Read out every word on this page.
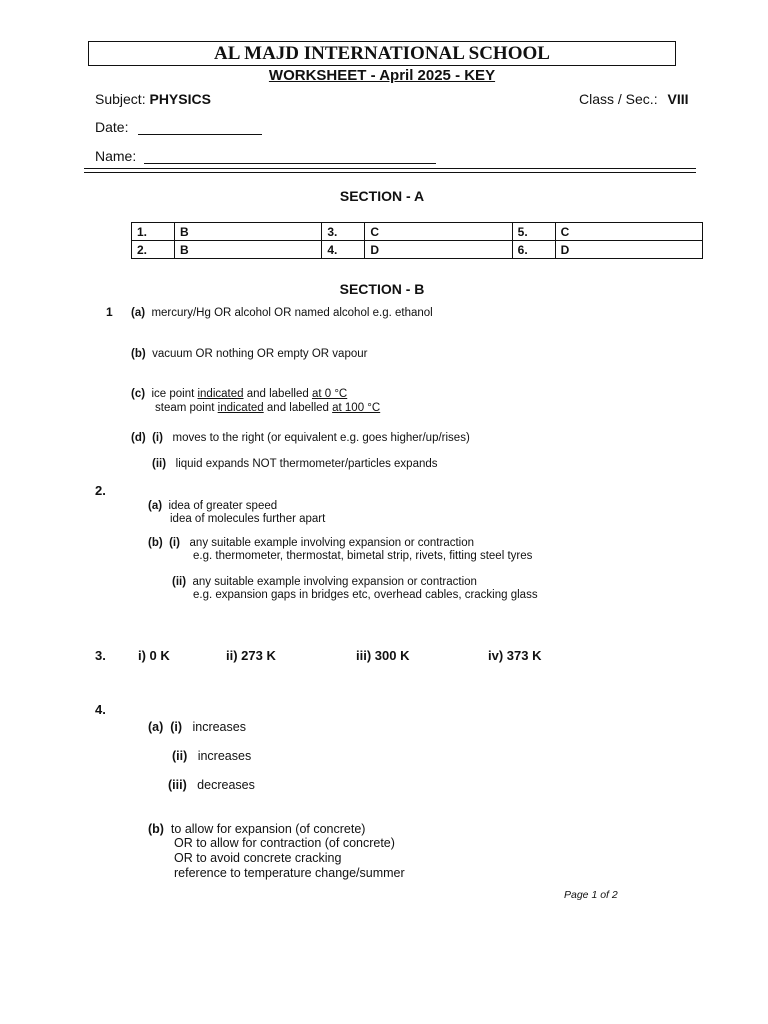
AL MAJD INTERNATIONAL SCHOOL
WORKSHEET - April 2025 - KEY
Subject: PHYSICS	Class / Sec.: VIII
Date:
Name:
SECTION - A
1.	B	3.	C	5.	C
2.	B	4.	D	6.	D
SECTION - B
1 (a) mercury/Hg OR alcohol OR named alcohol e.g. ethanol
(b) vacuum OR nothing OR empty OR vapour
(c) ice point indicated and labelled at 0 °C
steam point indicated and labelled at 100 °C
(d) (i) moves to the right (or equivalent e.g. goes higher/up/rises)
(ii) liquid expands NOT thermometer/particles expands
2.
(a) idea of greater speed
idea of molecules further apart
(b) (i) any suitable example involving expansion or contraction
e.g. thermometer, thermostat, bimetal strip, rivets, fitting steel tyres
(ii) any suitable example involving expansion or contraction
e.g. expansion gaps in bridges etc, overhead cables, cracking glass
3. i) 0 K	ii) 273 K	iii) 300 K	iv) 373 K
4.
(a) (i) increases
(ii) increases
(iii) decreases
(b) to allow for expansion (of concrete)
OR to allow for contraction (of concrete)
OR to avoid concrete cracking
reference to temperature change/summer
Page 1 of 2
